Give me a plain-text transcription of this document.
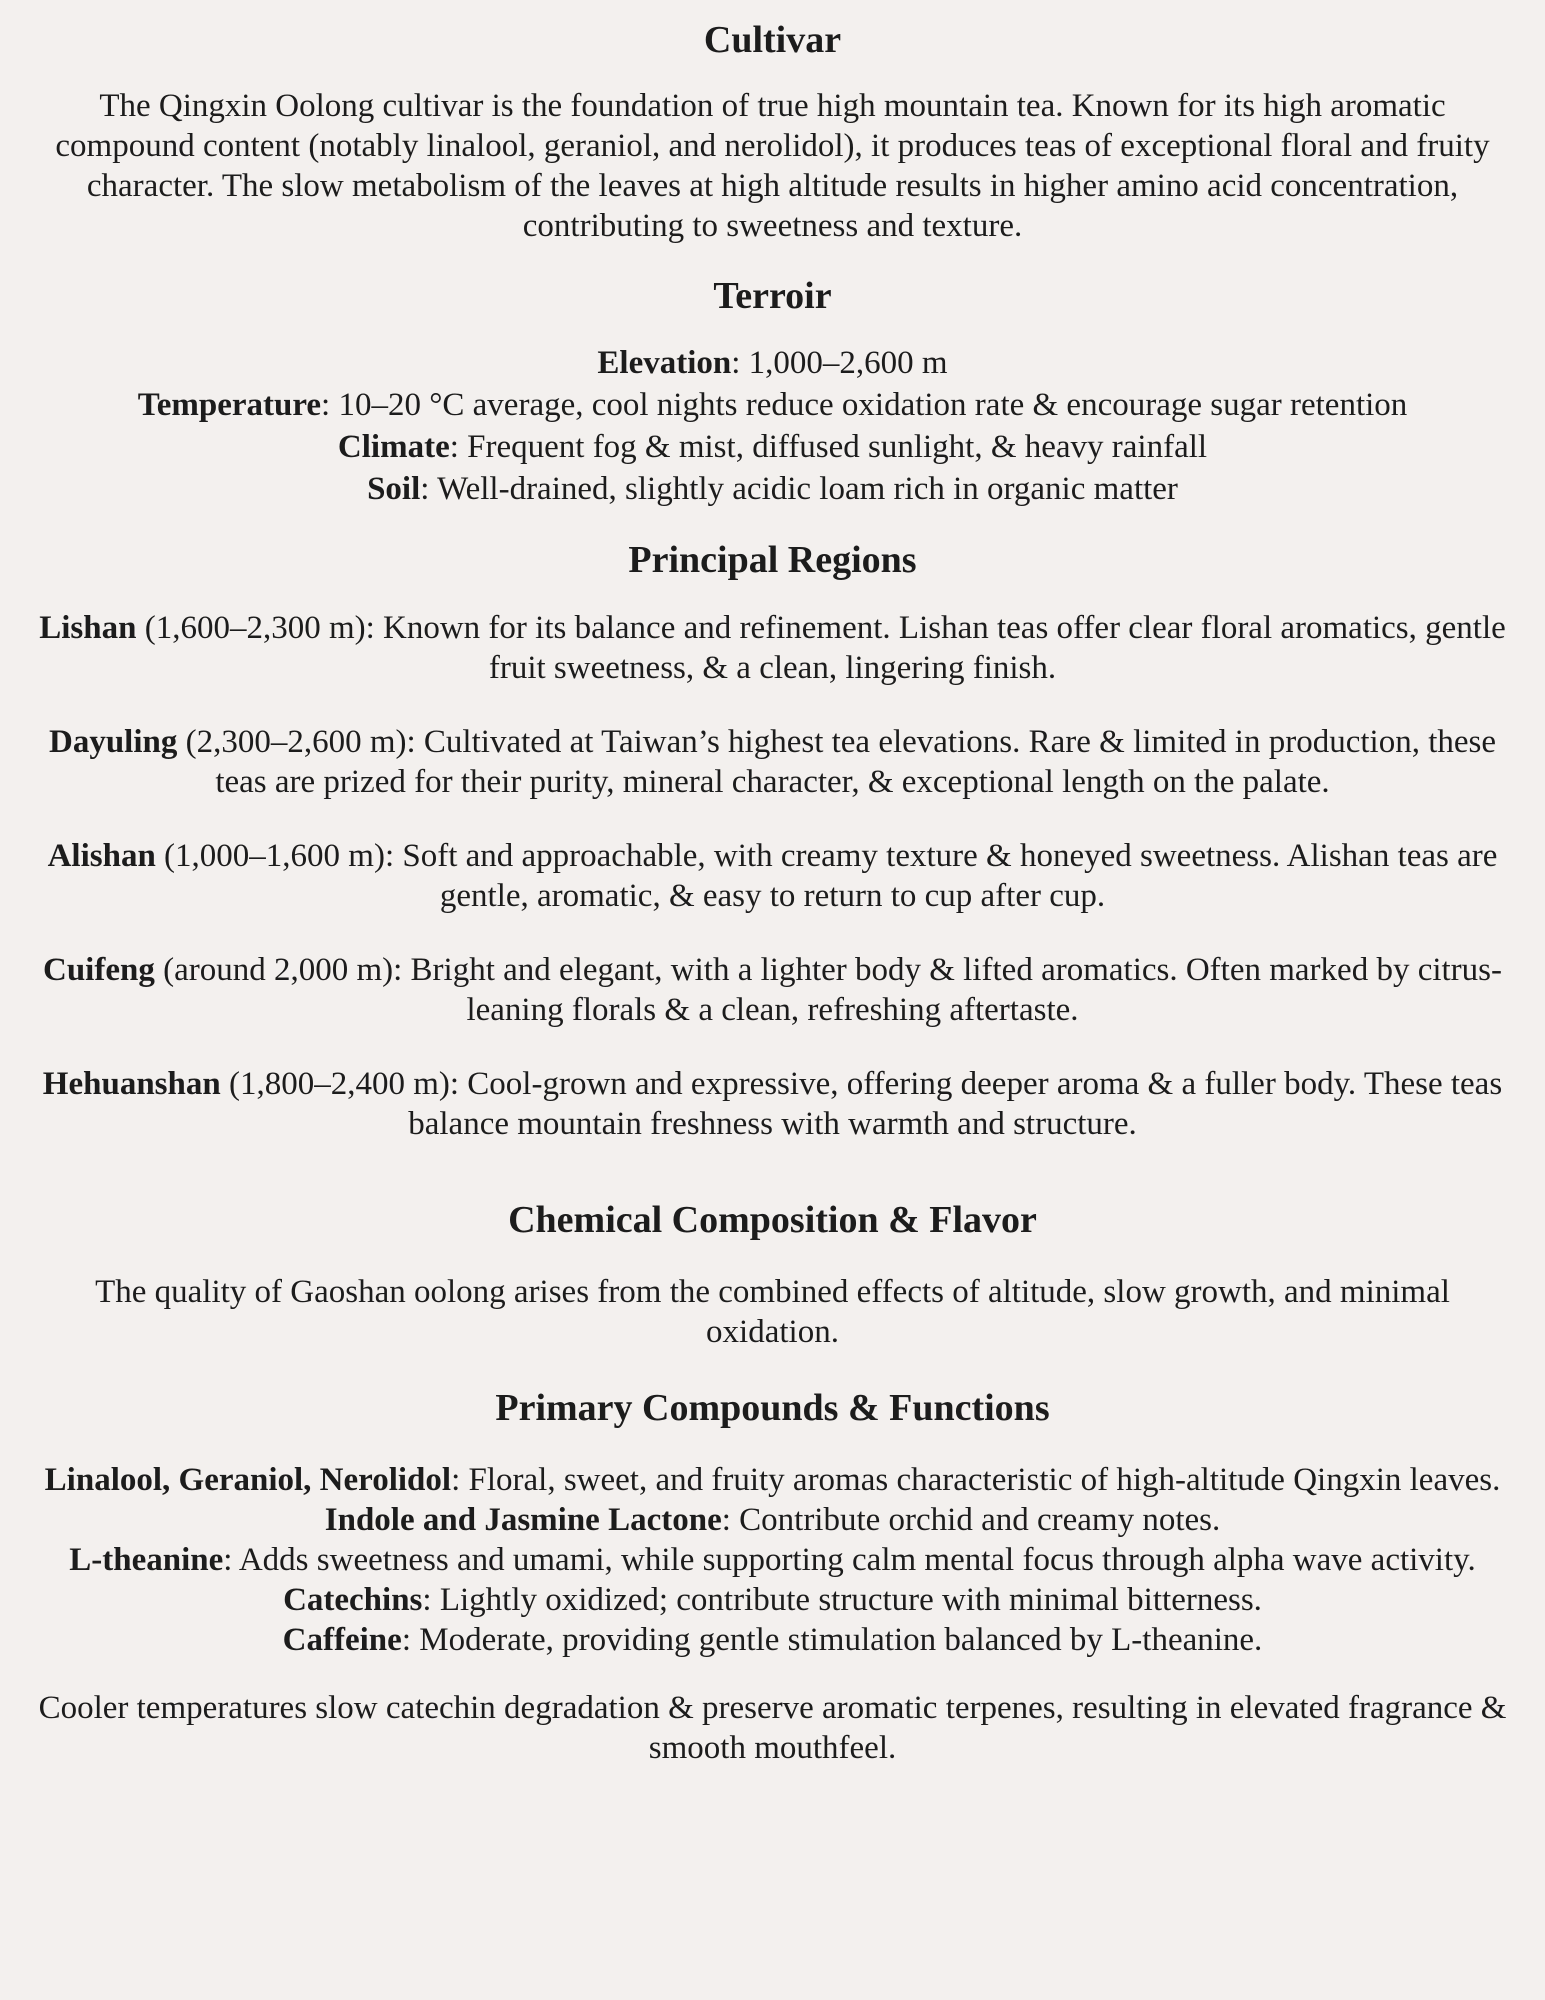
Cultivar

The Qingxin Oolong cultivar is the foundation of true high mountain tea. Known for its high aromatic compound content (notably linalool, geraniol, and nerolidol), it produces teas of exceptional floral and fruity character. The slow metabolism of the leaves at high altitude results in higher amino acid concentration, contributing to sweetness and texture.

Terroir

Elevation: 1,000–2,600 m

Temperature: 10–20 °C average, cool nights reduce oxidation rate & encourage sugar retention

Climate: Frequent fog & mist, diffused sunlight, & heavy rainfall

Soil: Well-drained, slightly acidic loam rich in organic matter

Principal Regions

Lishan (1,600–2,300 m): Known for its balance and refinement. Lishan teas offer clear floral aromatics, gentle fruit sweetness, & a clean, lingering finish.

Dayuling (2,300–2,600 m): Cultivated at Taiwan’s highest tea elevations. Rare & limited in production, these teas are prized for their purity, mineral character, & exceptional length on the palate.

Alishan (1,000–1,600 m): Soft and approachable, with creamy texture & honeyed sweetness. Alishan teas are gentle, aromatic, & easy to return to cup after cup.

Cuifeng (around 2,000 m): Bright and elegant, with a lighter body & lifted aromatics. Often marked by citrus-leaning florals & a clean, refreshing aftertaste.

Hehuanshan (1,800–2,400 m): Cool-grown and expressive, offering deeper aroma & a fuller body. These teas balance mountain freshness with warmth and structure.

Chemical Composition & Flavor

The quality of Gaoshan oolong arises from the combined effects of altitude, slow growth, and minimal oxidation.

Primary Compounds & Functions

Linalool, Geraniol, Nerolidol: Floral, sweet, and fruity aromas characteristic of high-altitude Qingxin leaves.

Indole and Jasmine Lactone: Contribute orchid and creamy notes.

L-theanine: Adds sweetness and umami, while supporting calm mental focus through alpha wave activity.

Catechins: Lightly oxidized; contribute structure with minimal bitterness.

Caffeine: Moderate, providing gentle stimulation balanced by L-theanine.

Cooler temperatures slow catechin degradation & preserve aromatic terpenes, resulting in elevated fragrance & smooth mouthfeel.
